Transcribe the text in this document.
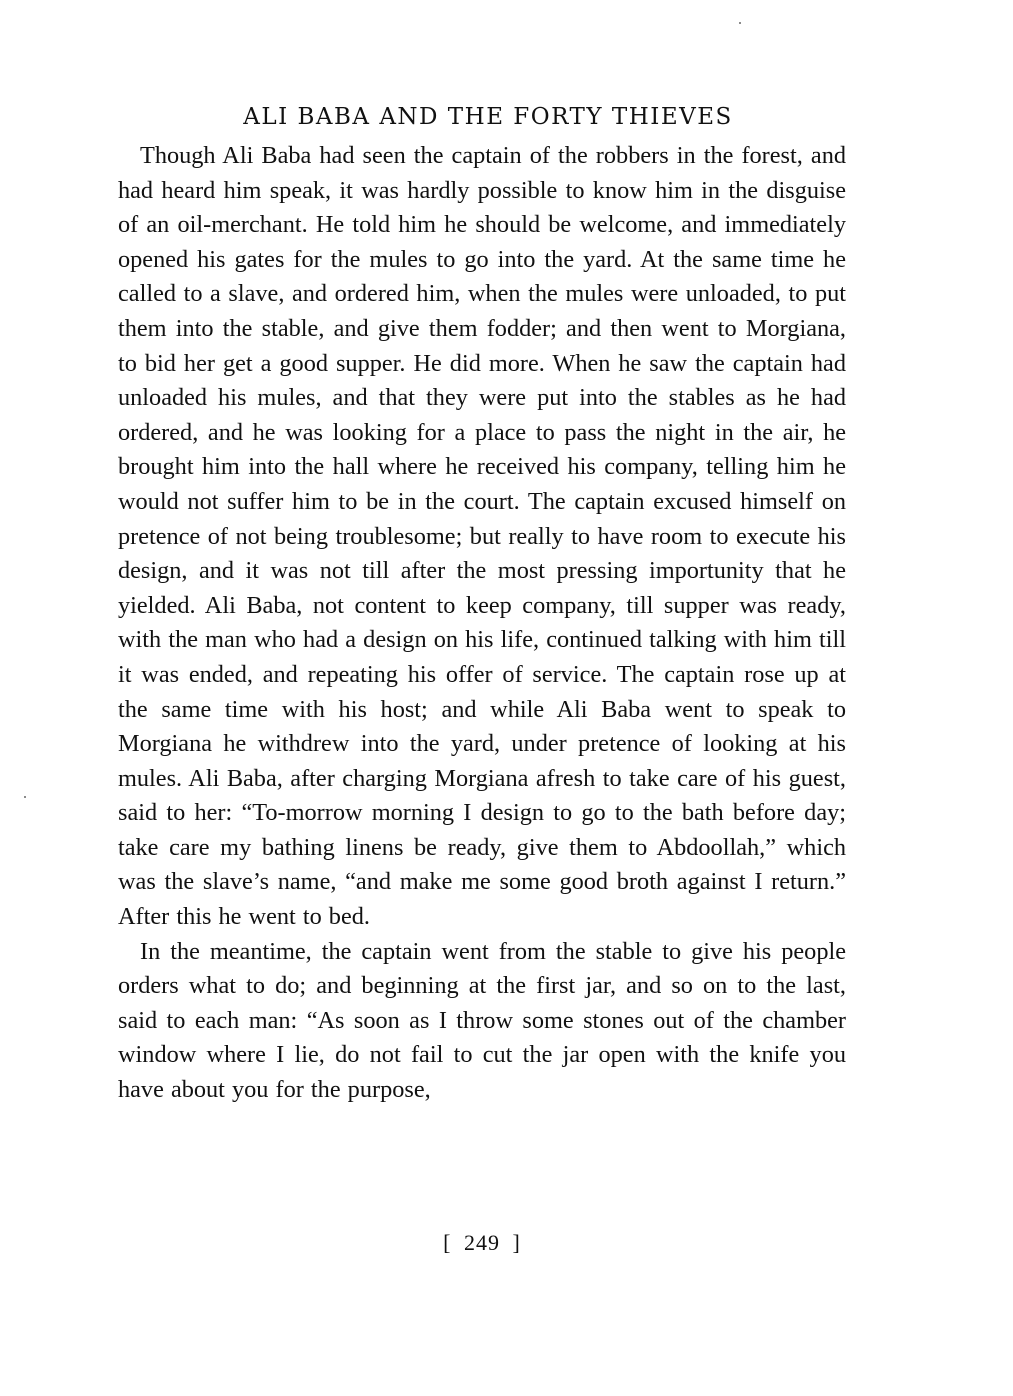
ALI BABA AND THE FORTY THIEVES

Though Ali Baba had seen the captain of the robbers in the forest, and had heard him speak, it was hardly possible to know him in the disguise of an oil-merchant. He told him he should be welcome, and immediately opened his gates for the mules to go into the yard. At the same time he called to a slave, and ordered him, when the mules were unloaded, to put them into the stable, and give them fodder; and then went to Morgiana, to bid her get a good supper. He did more. When he saw the captain had unloaded his mules, and that they were put into the stables as he had ordered, and he was looking for a place to pass the night in the air, he brought him into the hall where he received his company, telling him he would not suffer him to be in the court. The captain excused himself on pretence of not being troublesome; but really to have room to execute his design, and it was not till after the most pressing importunity that he yielded. Ali Baba, not content to keep company, till supper was ready, with the man who had a design on his life, continued talking with him till it was ended, and repeating his offer of service. The captain rose up at the same time with his host; and while Ali Baba went to speak to Morgiana he withdrew into the yard, under pretence of looking at his mules. Ali Baba, after charging Morgiana afresh to take care of his guest, said to her: “To-morrow morning I design to go to the bath before day; take care my bathing linens be ready, give them to Abdoollah,” which was the slave’s name, “and make me some good broth against I return.” After this he went to bed.

In the meantime, the captain went from the stable to give his people orders what to do; and beginning at the first jar, and so on to the last, said to each man: “As soon as I throw some stones out of the chamber window where I lie, do not fail to cut the jar open with the knife you have about you for the purpose,

[ 249 ]
